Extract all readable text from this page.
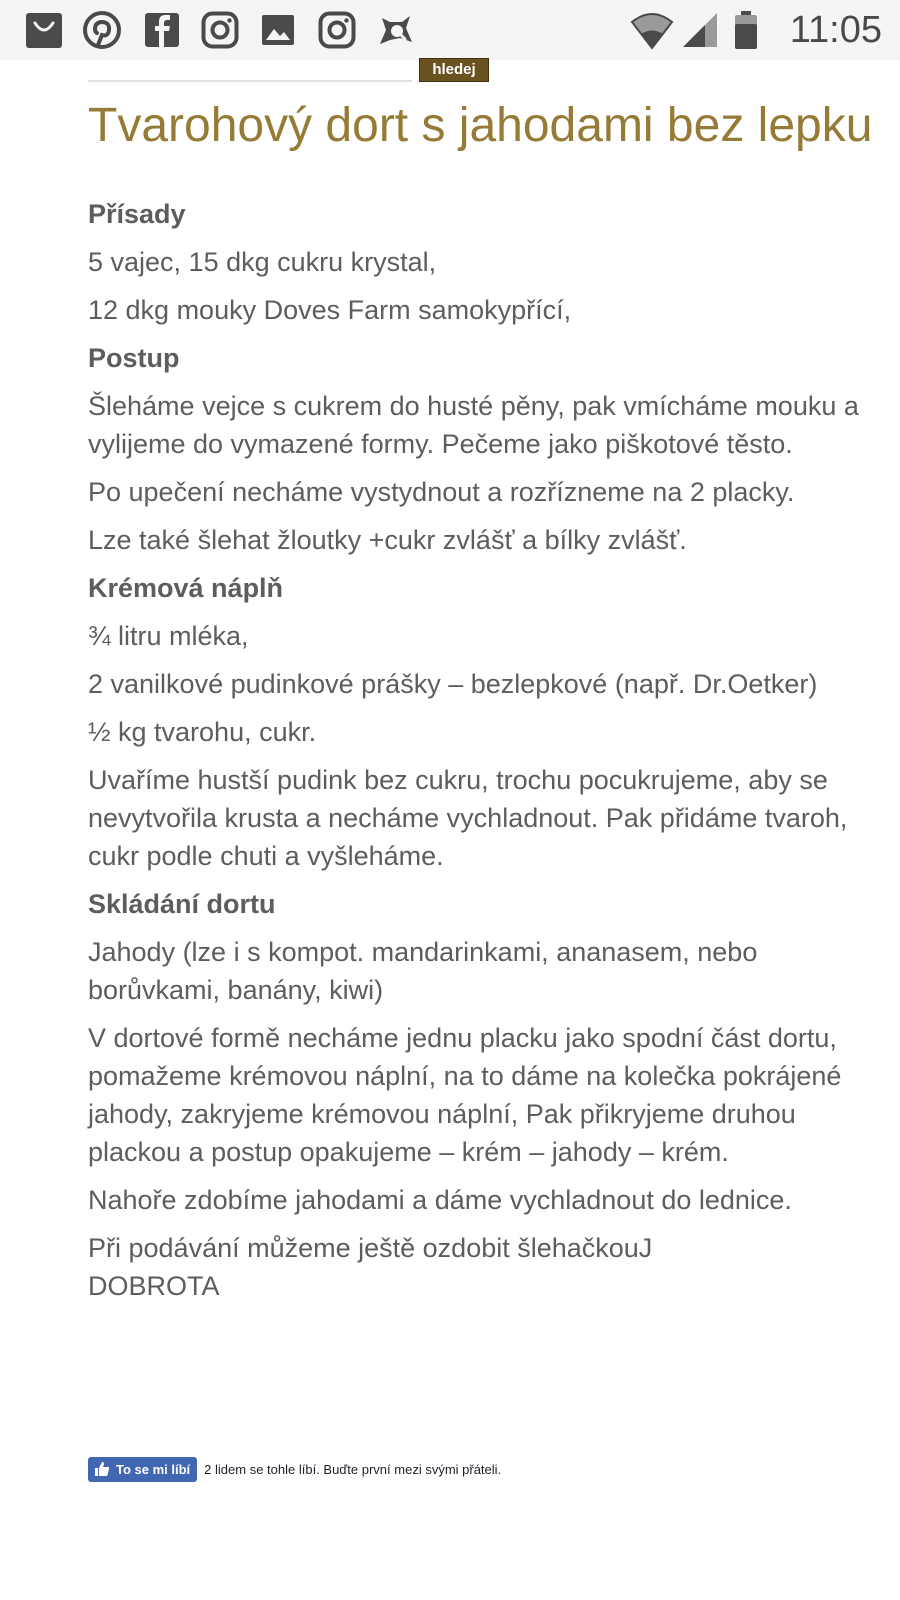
11:05
hledej
Tvarohový dort s jahodami bez lepku

Přísady

5 vajec, 15 dkg cukru krystal,

12 dkg mouky Doves Farm samokypřící,

Postup

Šleháme vejce s cukrem do husté pěny, pak vmícháme mouku a vylijeme do vymazené formy. Pečeme jako piškotové těsto.

Po upečení necháme vystydnout a rozřízneme na 2 placky.

Lze také šlehat žloutky +cukr zvlášť a bílky zvlášť.

Krémová náplň

¾ litru mléka,

2 vanilkové pudinkové prášky – bezlepkové (např. Dr.Oetker)

½ kg tvarohu, cukr.

Uvaříme hustší pudink bez cukru, trochu pocukrujeme, aby se nevytvořila krusta a necháme vychladnout. Pak přidáme tvaroh, cukr podle chuti a vyšleháme.

Skládání dortu

Jahody (lze i s kompot. mandarinkami, ananasem, nebo borůvkami, banány, kiwi)

V dortové formě necháme jednu placku jako spodní část dortu, pomažeme krémovou náplní, na to dáme na kolečka pokrájené jahody, zakryjeme krémovou náplní, Pak přikryjeme druhou plackou a postup opakujeme – krém – jahody – krém.

Nahoře zdobíme jahodami a dáme vychladnout do lednice.

Při podávání můžeme ještě ozdobit šlehačkouJ

DOBROTA

To se mi líbí 2 lidem se tohle líbí. Buďte první mezi svými přáteli.
